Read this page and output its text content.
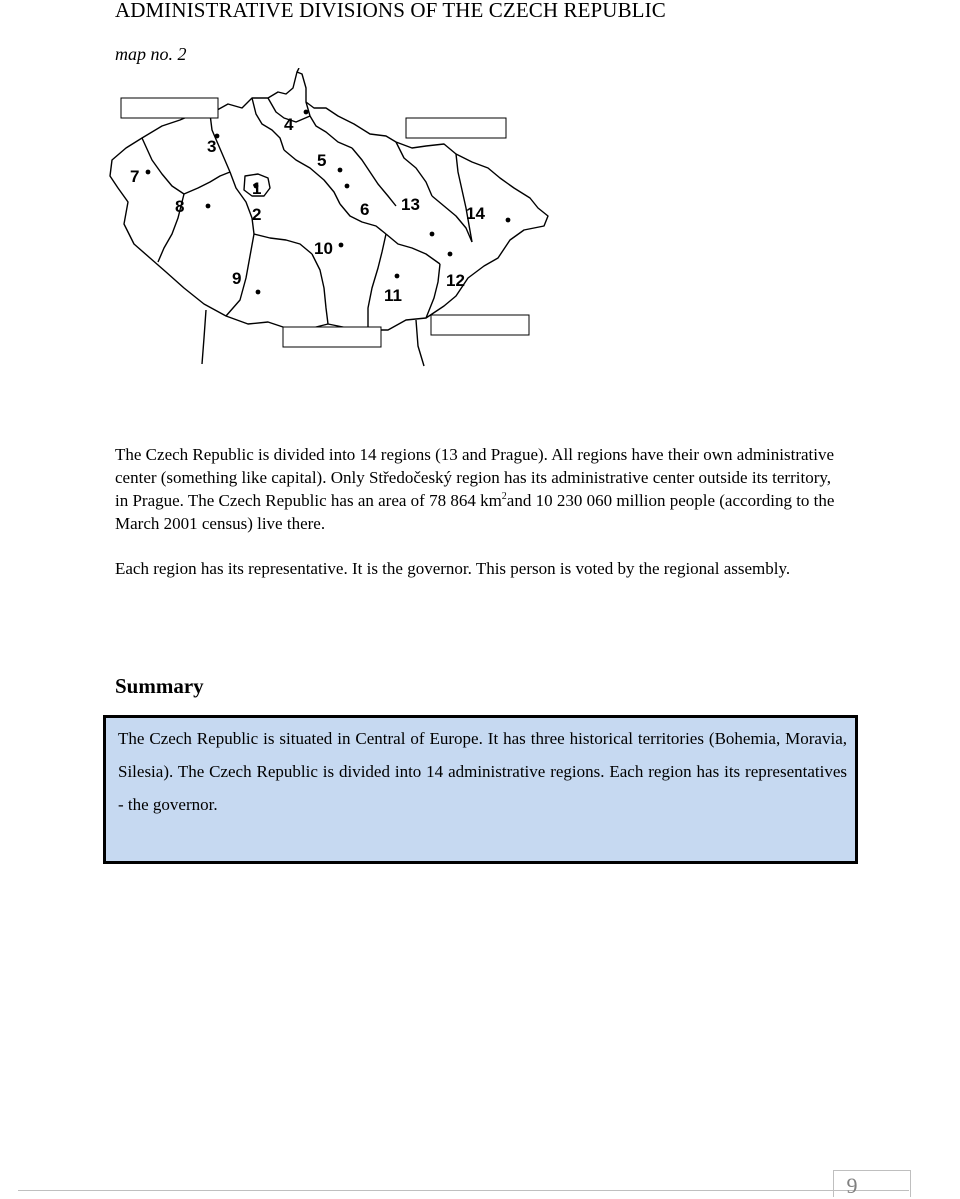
ADMINISTRATIVE DIVISIONS OF THE CZECH REPUBLIC
map no. 2
1
2
3
4
5
6
7
8
9
10
11
12
13	14

The Czech Republic is divided into 14 regions (13 and Prague). All regions have their own administrative center (something like capital). Only Středočeský region has its administrative center outside its territory, in Prague. The Czech Republic has an area of 78 864 $km^2and$ 10 230 060 million people (according to the March 2001 census) live there.

Each region has its representative. It is the governor. This person is voted by the regional assembly.

Summary

The Czech Republic is situated in Central of Europe. It has three historical territories (Bohemia, Moravia, Silesia). The Czech Republic is divided into 14 administrative regions. Each region has its representatives - the governor.

9
